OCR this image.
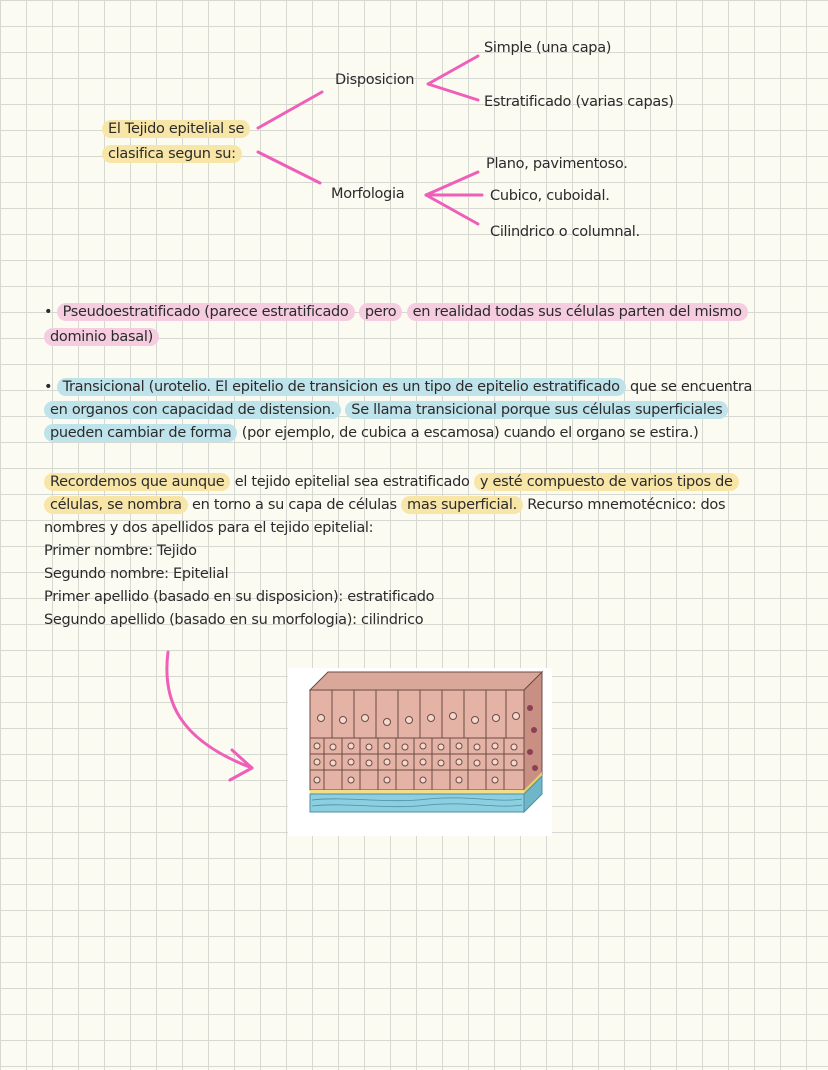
El Tejido epitelial se
clasifica segun su:
Disposicion
Morfologia
Simple (una capa)
Estratificado (varias capas)
Plano, pavimentoso.
Cubico, cuboidal.
Cilindrico o columnal.
• Pseudoestratificado (parece estratificado pero en realidad todas sus células parten del mismo
dominio basal)
• Transicional (urotelio. El epitelio de transicion es un tipo de epitelio estratificado que se encuentra
en organos con capacidad de distension. Se llama transicional porque sus células superficiales
pueden cambiar de forma (por ejemplo, de cubica a escamosa) cuando el organo se estira.)
Recordemos que aunque el tejido epitelial sea estratificado y esté compuesto de varios tipos de
células, se nombra en torno a su capa de células mas superficial. Recurso mnemotécnico: dos
nombres y dos apellidos para el tejido epitelial:
Primer nombre: Tejido
Segundo nombre: Epitelial
Primer apellido (basado en su disposicion): estratificado
Segundo apellido (basado en su morfologia): cilindrico
